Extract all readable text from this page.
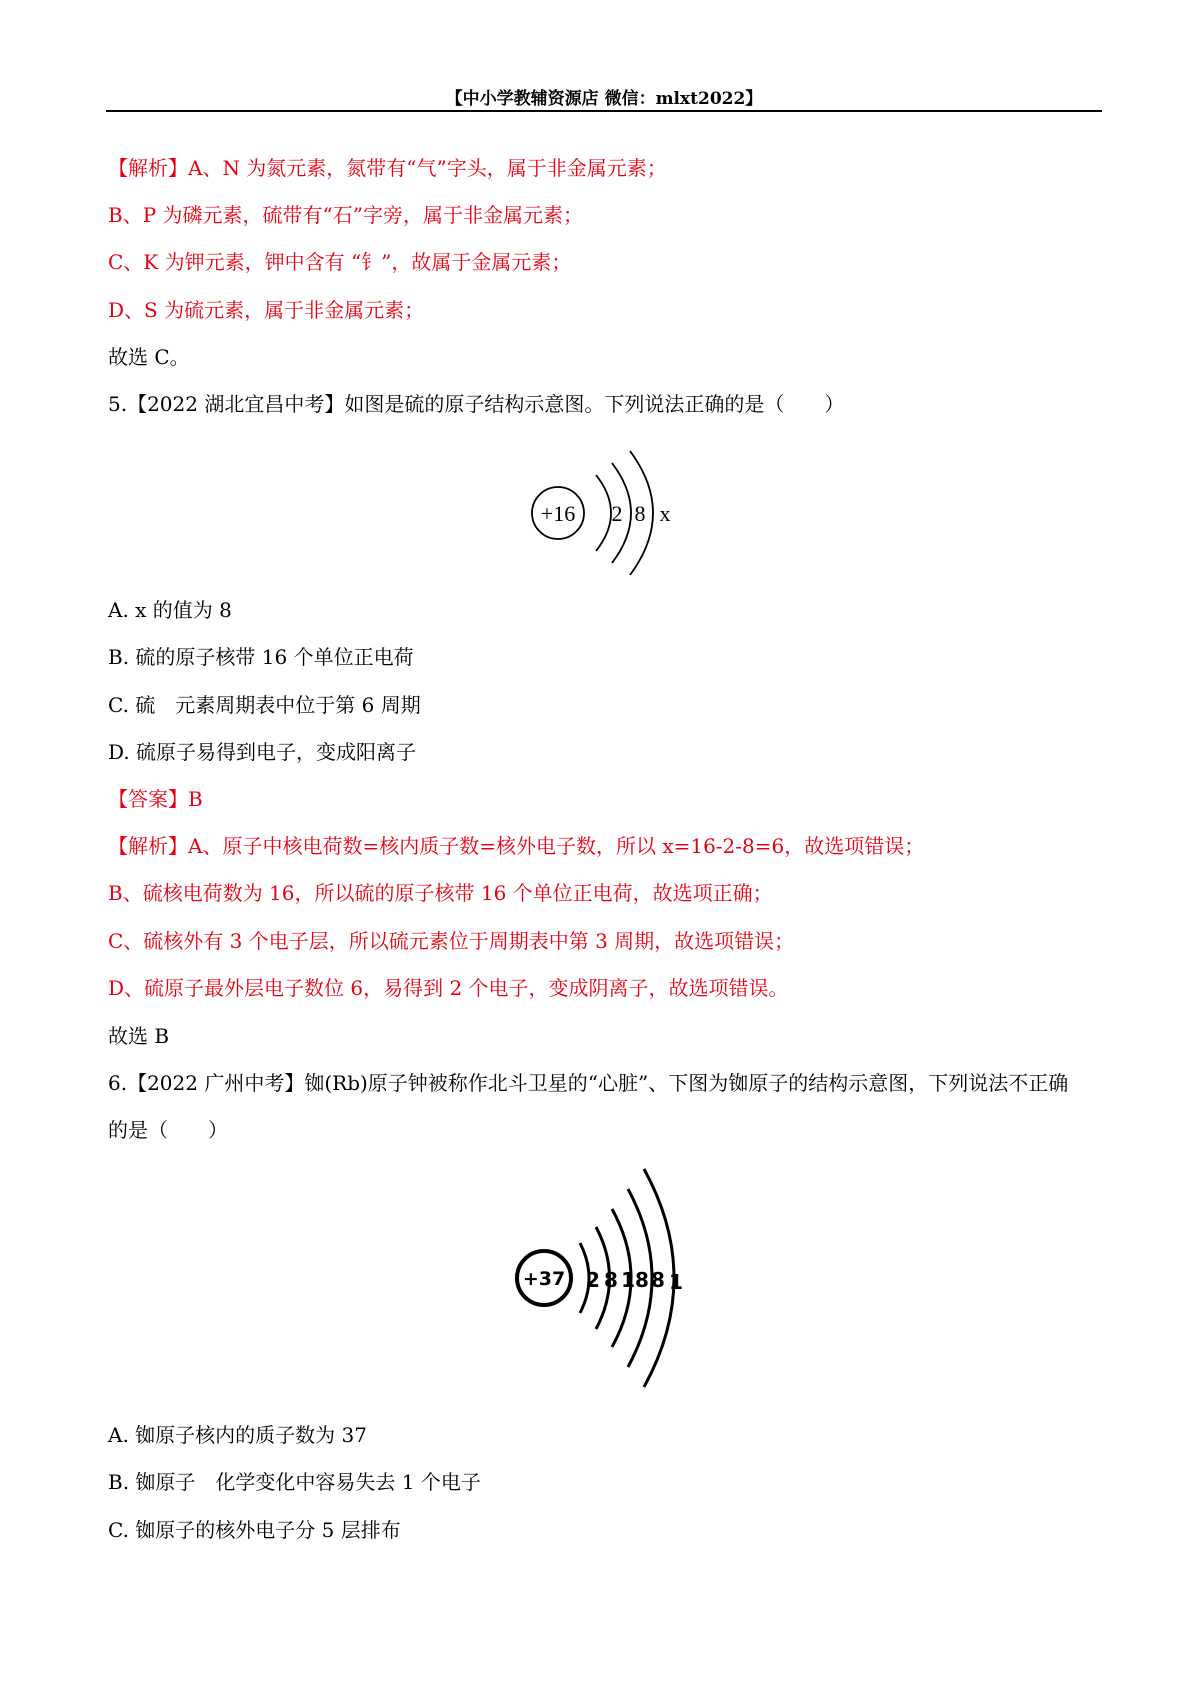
【中小学教辅资源店 微信：mlxt2022】
【解析】A、N 为氮元素，氮带有“气”字头，属于非金属元素；
B、P 为磷元素，硫带有“石”字旁，属于非金属元素；
C、K 为钾元素，钾中含有 “钅”，故属于金属元素；
D、S 为硫元素，属于非金属元素；
故选 C。
5.【2022 湖北宜昌中考】如图是硫的原子结构示意图。下列说法正确的是（　　）
+16 2 8 x
A. x 的值为 8
B. 硫的原子核带 16 个单位正电荷
C. 硫　元素周期表中位于第 6 周期
D. 硫原子易得到电子，变成阳离子
【答案】B
【解析】A、原子中核电荷数=核内质子数=核外电子数，所以 x=16-2-8=6，故选项错误；
B、硫核电荷数为 16，所以硫的原子核带 16 个单位正电荷，故选项正确；
C、硫核外有 3 个电子层，所以硫元素位于周期表中第 3 周期，故选项错误；
D、硫原子最外层电子数位 6，易得到 2 个电子，变成阴离子，故选项错误。
故选 B
6.【2022 广州中考】铷(Rb)原子钟被称作北斗卫星的“心脏”、下图为铷原子的结构示意图，下列说法不正确
的是（　　）
+37 2 8 18 8 1
A. 铷原子核内的质子数为 37
B. 铷原子　化学变化中容易失去 1 个电子
C. 铷原子的核外电子分 5 层排布
